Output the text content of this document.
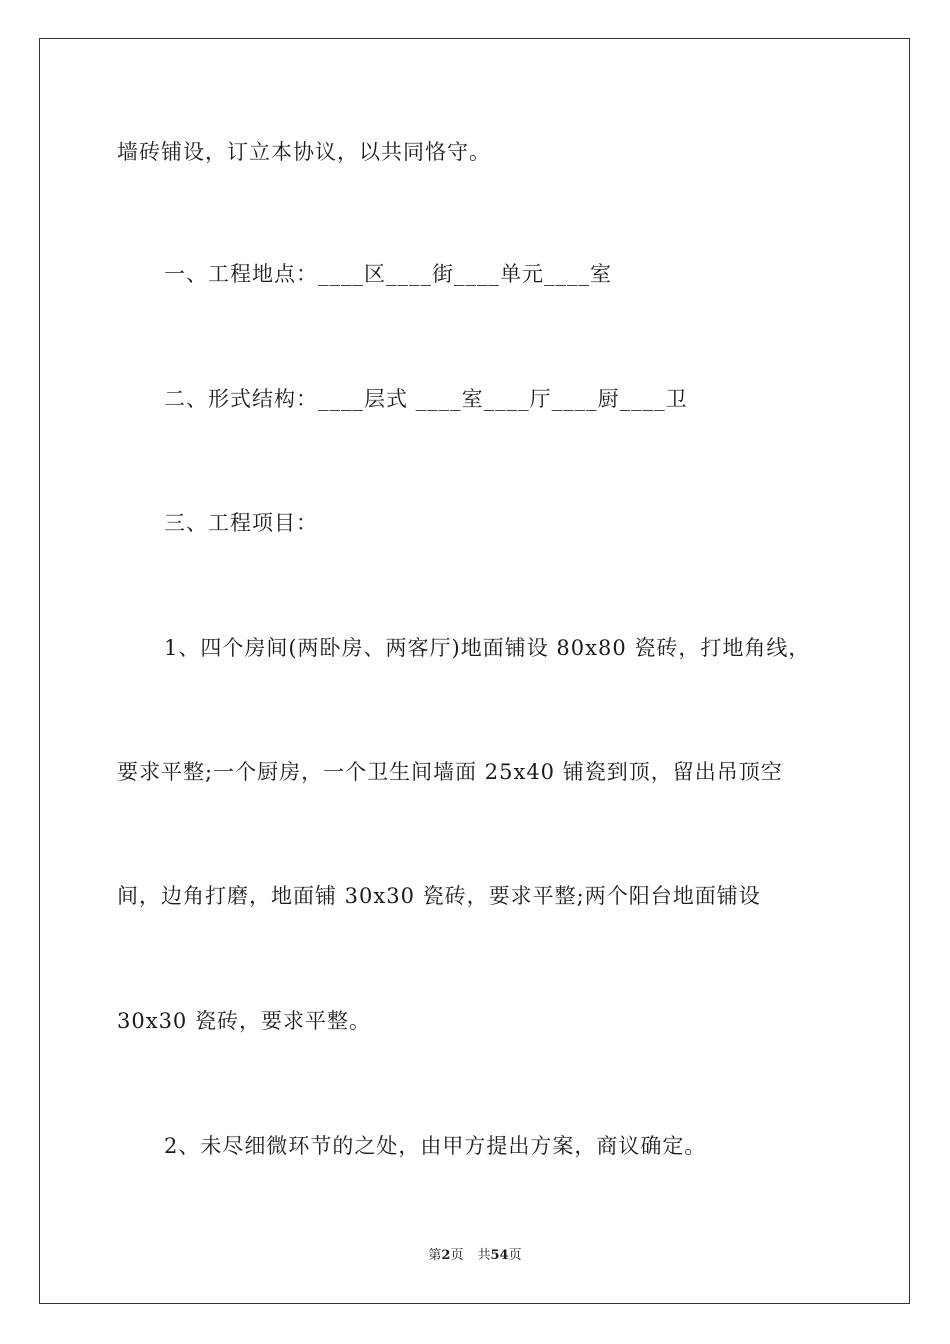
墙砖铺设，订立本协议，以共同恪守。
一、工程地点：____区____街____单元____室
二、形式结构：____层式 ____室____厅____厨____卫
三、工程项目：
1、四个房间(两卧房、两客厅)地面铺设 80x80 瓷砖，打地角线，
要求平整;一个厨房，一个卫生间墙面 25x40 铺瓷到顶，留出吊顶空
间，边角打磨，地面铺 30x30 瓷砖，要求平整;两个阳台地面铺设
30x30 瓷砖，要求平整。
2、未尽细微环节的之处，由甲方提出方案，商议确定。
第2页 共54页
